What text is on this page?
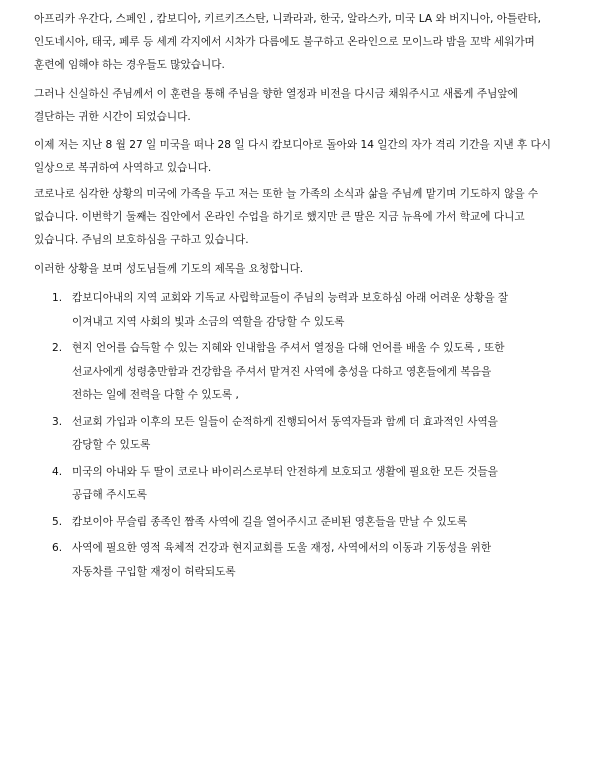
아프리카 우간다, 스페인 , 캄보디아, 키르키즈스탄, 니콰라과, 한국, 알라스카, 미국 LA 와 버지니아, 아틀란타,
인도네시아, 태국, 페루 등 세계 각지에서 시차가 다름에도 불구하고 온라인으로 모이느라 밤을 꼬박 세워가며
훈련에 임해야 하는 경우들도 많았습니다.

그러나 신실하신 주님께서 이 훈련을 통해 주님을 향한 열정과 비전을 다시금 채워주시고 새롭게 주님앞에
결단하는 귀한 시간이 되었습니다.

이제 저는 지난 8 월 27 일 미국을 떠나 28 일 다시 캄보디아로 돌아와 14 일간의 자가 격리 기간을 지낸 후 다시
일상으로 복귀하여 사역하고 있습니다.

코로나로 심각한 상황의 미국에 가족을 두고 저는 또한 늘 가족의 소식과 삶을 주님께 맡기며 기도하지 않을 수
없습니다. 이번학기 둘째는 집안에서 온라인 수업을 하기로 했지만 큰 딸은 지금 뉴욕에 가서 학교에 다니고
있습니다. 주님의 보호하심을 구하고 있습니다.

이러한 상황을 보며 성도님들께 기도의 제목을 요청합니다.

1. 캄보디아내의 지역 교회와 기독교 사립학교들이 주님의 능력과 보호하심 아래 어려운 상황을 잘
이겨내고 지역 사회의 빛과 소금의 역할을 감당할 수 있도록
2. 현지 언어를 습득할 수 있는 지혜와 인내함을 주셔서 열정을 다해 언어를 배울 수 있도록 , 또한
선교사에게 성령충만함과 건강함을 주셔서 맡겨진 사역에 충성을 다하고 영혼들에게 복음을
전하는 일에 전력을 다할 수 있도록 ,
3. 선교회 가입과 이후의 모든 일들이 순적하게 진행되어서 동역자들과 함께 더 효과적인 사역을
감당할 수 있도록
4. 미국의 아내와 두 딸이 코로나 바이러스로부터 안전하게 보호되고 생활에 필요한 모든 것들을
공급해 주시도록
5. 캄보이아 무슬림 종족인 짬족 사역에 길을 열어주시고 준비된 영혼들을 만날 수 있도록
6. 사역에 필요한 영적 육체적 건강과 현지교회를 도울 재정, 사역에서의 이동과 기동성을 위한
자동차를 구입할 재정이 허락되도록
